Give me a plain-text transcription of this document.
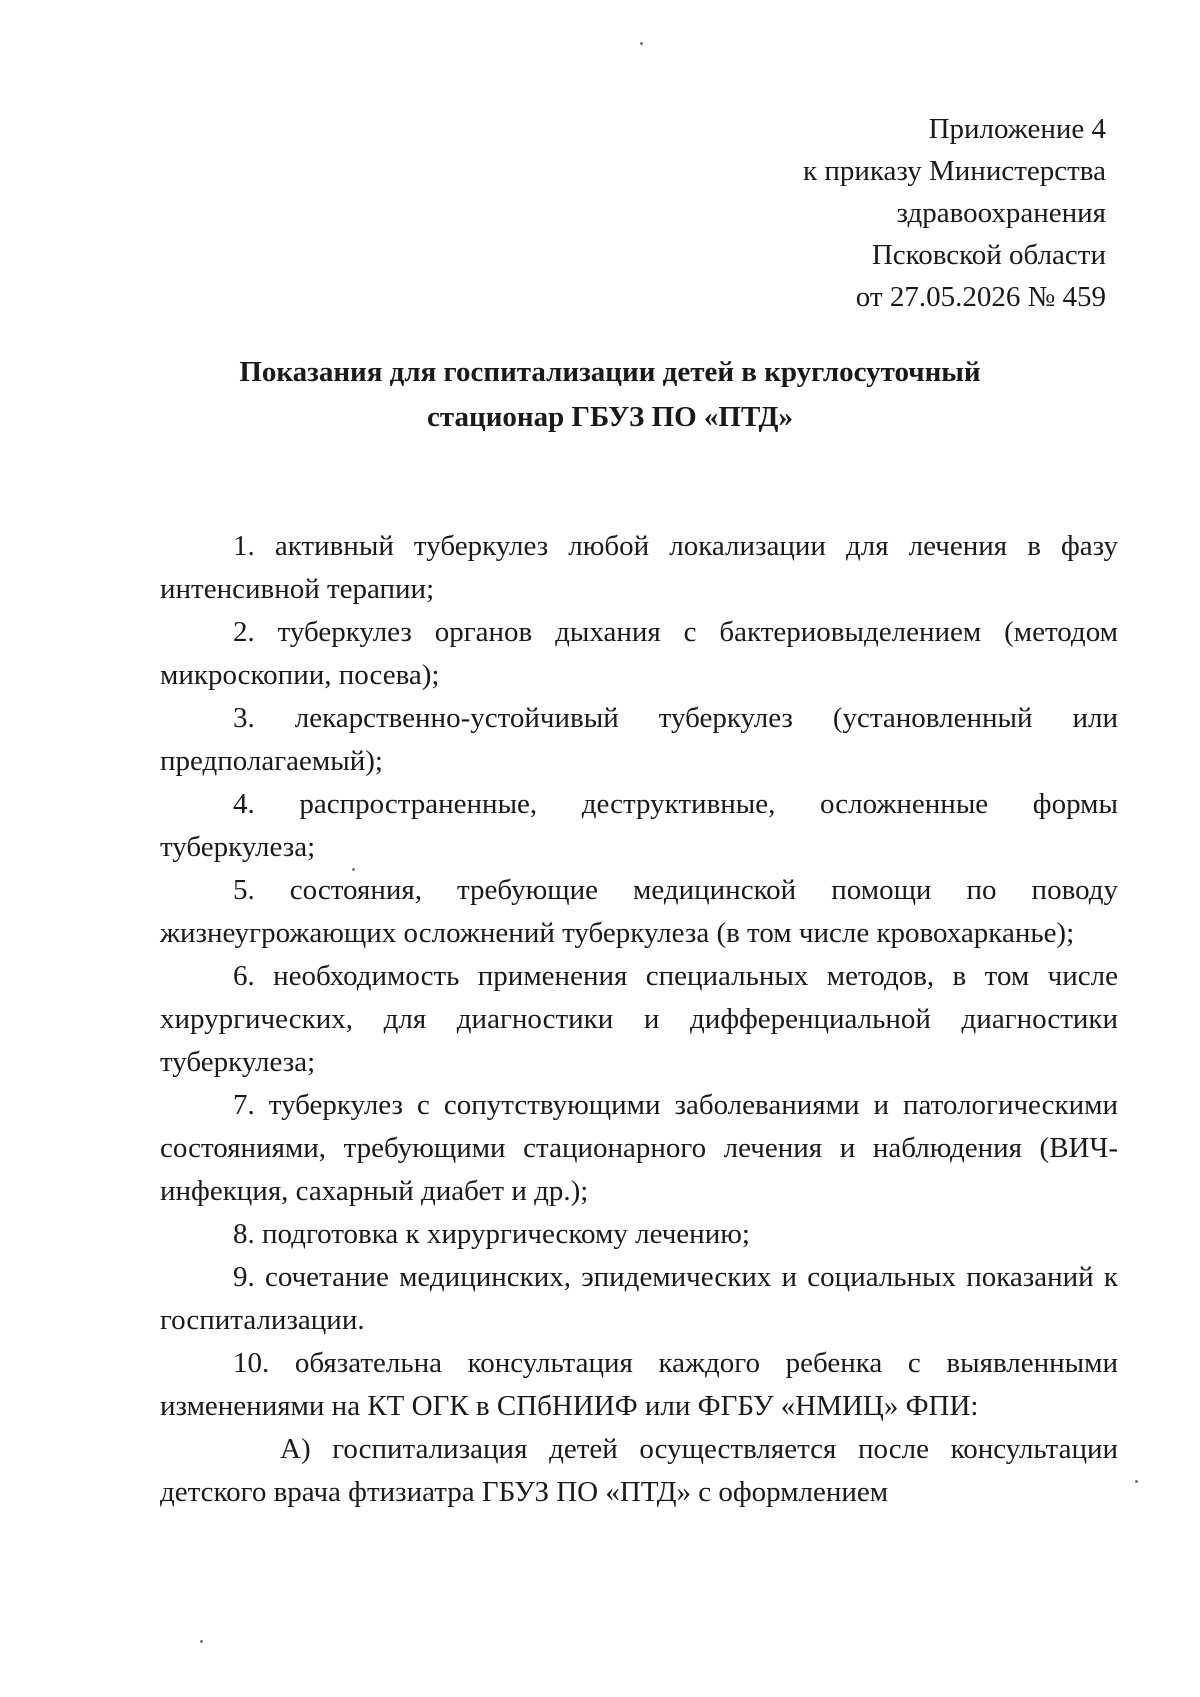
Приложение 4
к приказу Министерства
здравоохранения
Псковской области
от 27.05.2026 № 459
Показания для госпитализации детей в круглосуточный
стационар ГБУЗ ПО «ПТД»

1. активный туберкулез любой локализации для лечения в фазу интенсивной терапии;

2. туберкулез органов дыхания с бактериовыделением (методом микроскопии, посева);

3. лекарственно-устойчивый туберкулез (установленный или предполагаемый);

4. распространенные, деструктивные, осложненные формы туберкулеза;

5. состояния, требующие медицинской помощи по поводу жизнеугрожающих осложнений туберкулеза (в том числе кровохарканье);

6. необходимость применения специальных методов, в том числе хирургических, для диагностики и дифференциальной диагностики туберкулеза;

7. туберкулез с сопутствующими заболеваниями и патологическими состояниями, требующими стационарного лечения и наблюдения (ВИЧ-инфекция, сахарный диабет и др.);

8. подготовка к хирургическому лечению;

9. сочетание медицинских, эпидемических и социальных показаний к госпитализации.

10. обязательна консультация каждого ребенка с выявленными изменениями на КТ ОГК в СПбНИИФ или ФГБУ «НМИЦ» ФПИ:

А) госпитализация детей осуществляется после консультации детского врача фтизиатра ГБУЗ ПО «ПТД» с оформлением
